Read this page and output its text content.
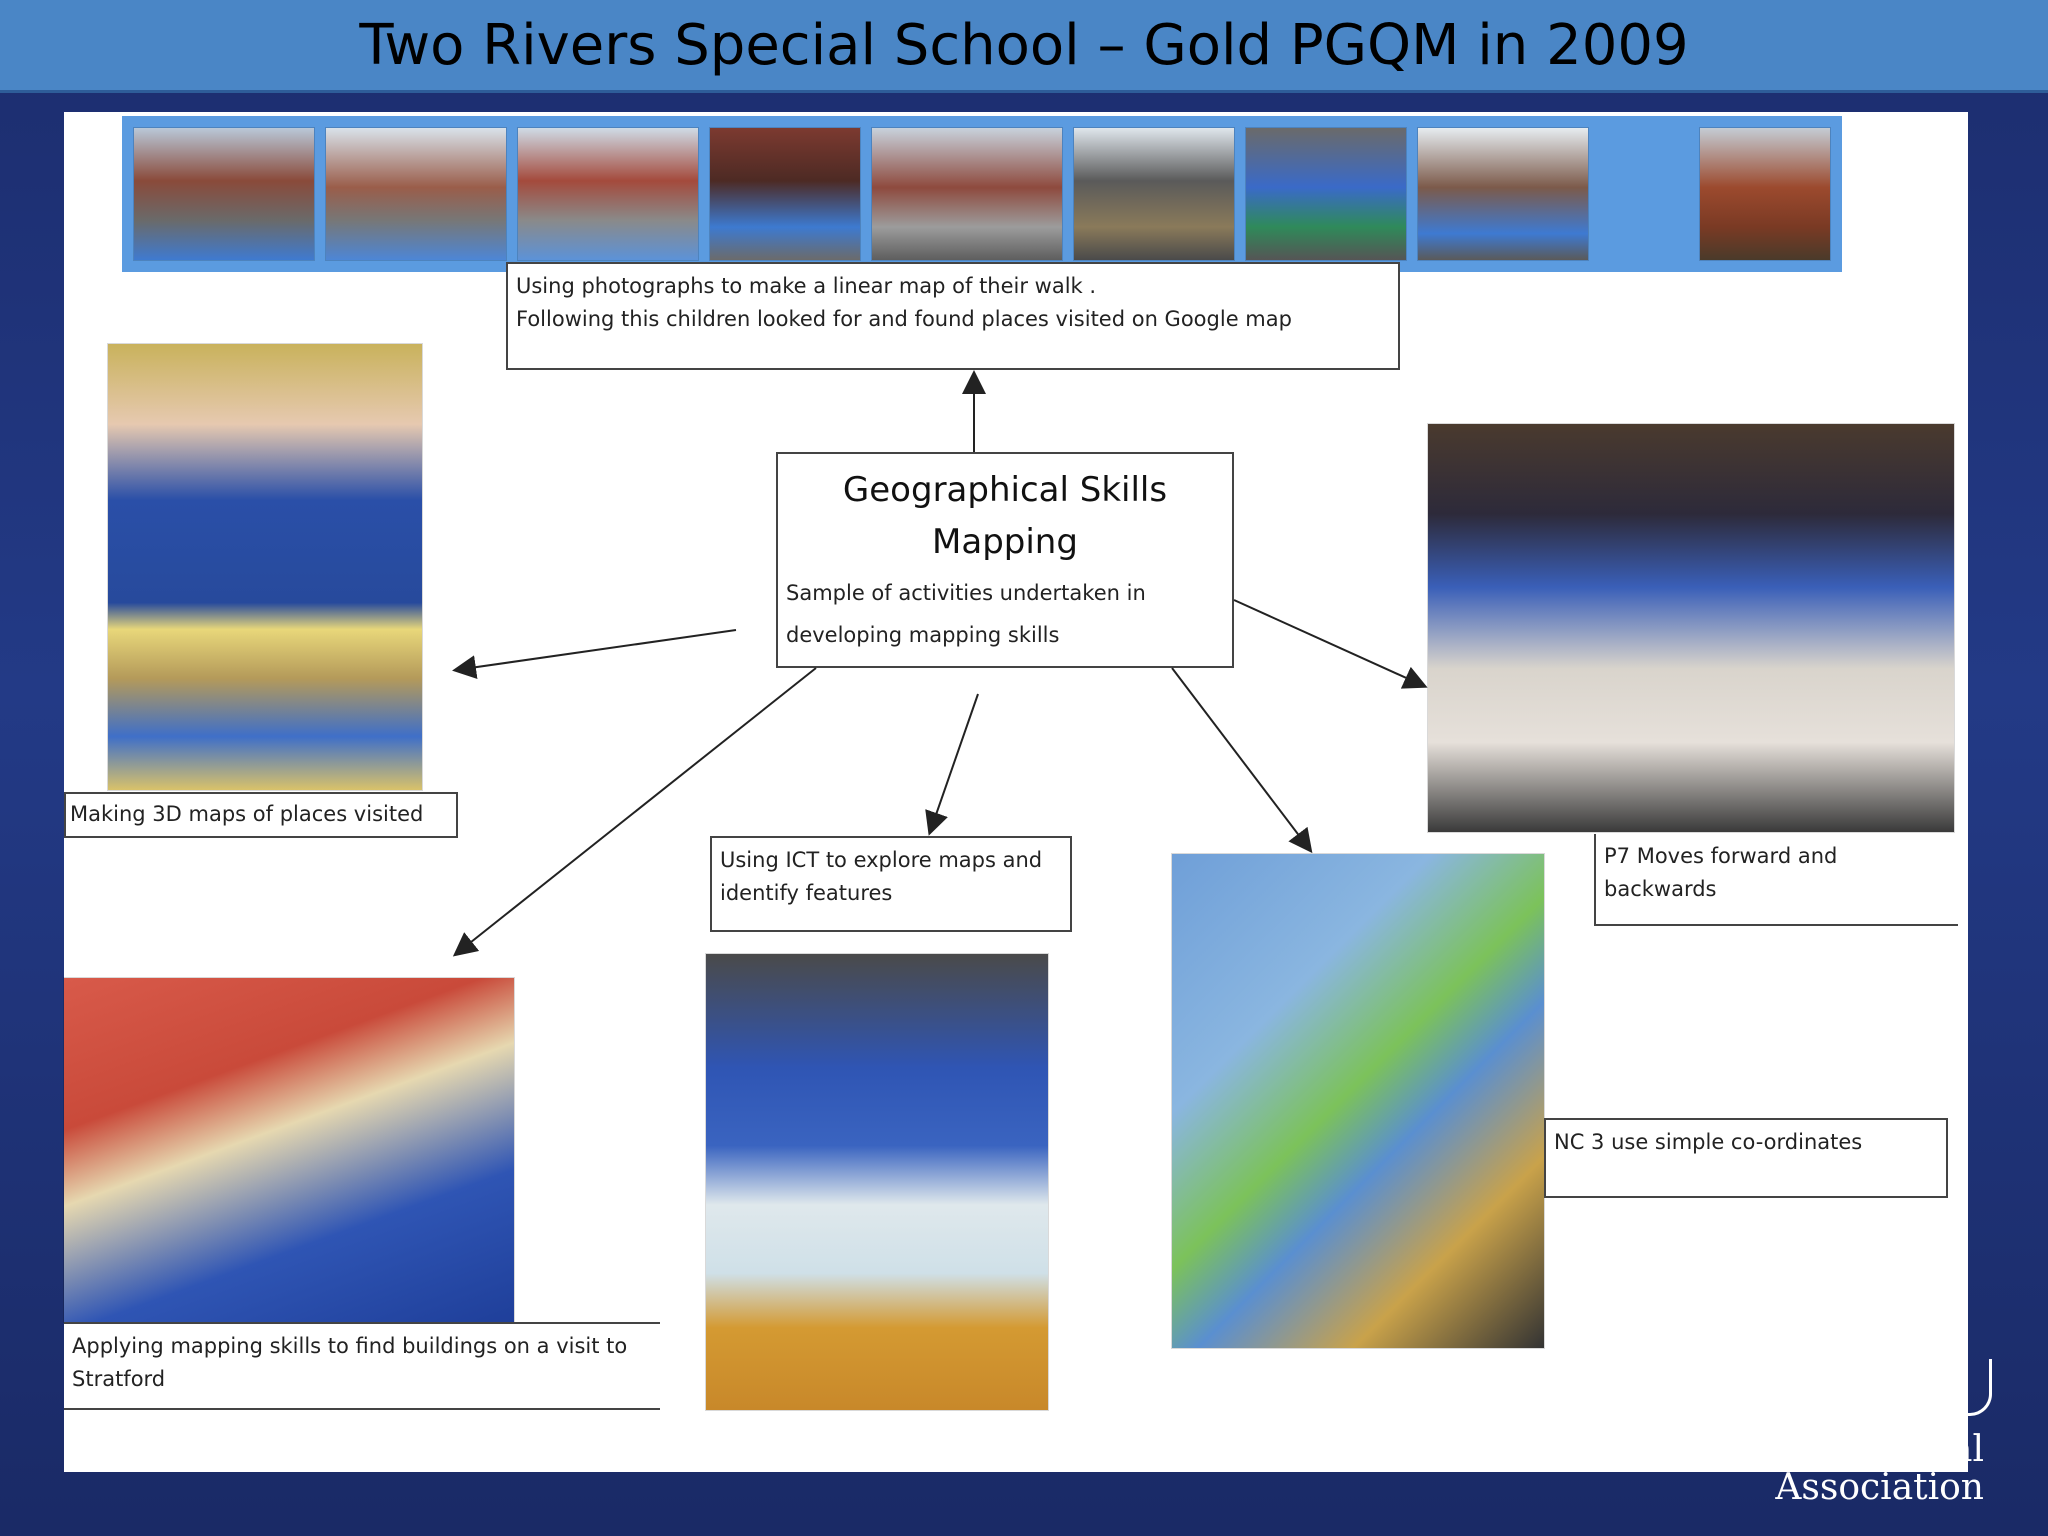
Two Rivers Special School – Gold PGQM in 2009
Using photographs to make a linear map of their walk .
Following this children looked for and found places visited on Google map
Geographical Skills
Mapping
Sample of activities undertaken in
developing mapping skills
Making 3D maps of places visited
P7 Moves forward and
backwards
Using ICT to explore maps and
identify features
NC 3 use simple co-ordinates
Applying mapping skills to find buildings on a visit to
Stratford
al
Association
